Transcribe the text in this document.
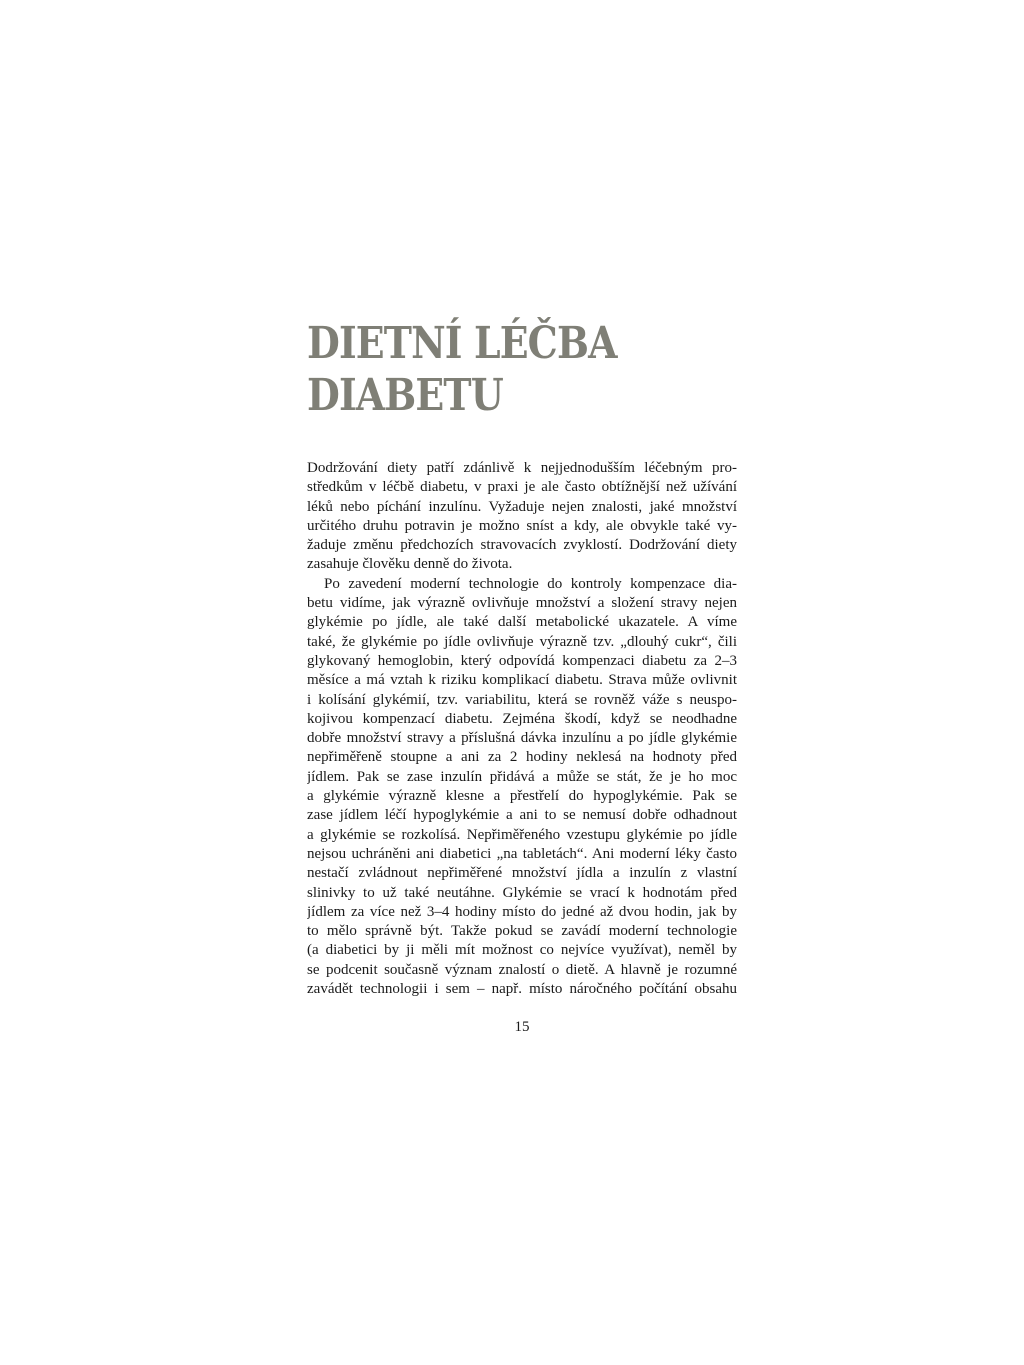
DIETNÍ LÉČBA
DIABETU

Dodržování diety patří zdánlivě k nejjednodušším léčebným pro-
středkům v léčbě diabetu, v praxi je ale často obtížnější než užívání
léků nebo píchání inzulínu. Vyžaduje nejen znalosti, jaké množství
určitého druhu potravin je možno sníst a kdy, ale obvykle také vy-
žaduje změnu předchozích stravovacích zvyklostí. Dodržování diety
zasahuje člověku denně do života.

Po zavedení moderní technologie do kontroly kompenzace dia-
betu vidíme, jak výrazně ovlivňuje množství a složení stravy nejen
glykémie po jídle, ale také další metabolické ukazatele. A víme
také, že glykémie po jídle ovlivňuje výrazně tzv. „dlouhý cukr“, čili
glykovaný hemoglobin, který odpovídá kompenzaci diabetu za 2–3
měsíce a má vztah k riziku komplikací diabetu. Strava může ovlivnit
i kolísání glykémií, tzv. variabilitu, která se rovněž váže s neuspo-
kojivou kompenzací diabetu. Zejména škodí, když se neodhadne
dobře množství stravy a příslušná dávka inzulínu a po jídle glykémie
nepřiměřeně stoupne a ani za 2 hodiny neklesá na hodnoty před
jídlem. Pak se zase inzulín přidává a může se stát, že je ho moc
a glykémie výrazně klesne a přestřelí do hypoglykémie. Pak se
zase jídlem léčí hypoglykémie a ani to se nemusí dobře odhadnout
a glykémie se rozkolísá. Nepřiměřeného vzestupu glykémie po jídle
nejsou uchráněni ani diabetici „na tabletách“. Ani moderní léky často
nestačí zvládnout nepřiměřené množství jídla a inzulín z vlastní
slinivky to už také neutáhne. Glykémie se vrací k hodnotám před
jídlem za více než 3–4 hodiny místo do jedné až dvou hodin, jak by
to mělo správně být. Takže pokud se zavádí moderní technologie
(a diabetici by ji měli mít možnost co nejvíce využívat), neměl by
se podcenit současně význam znalostí o dietě. A hlavně je rozumné
zavádět technologii i sem – např. místo náročného počítání obsahu

15
